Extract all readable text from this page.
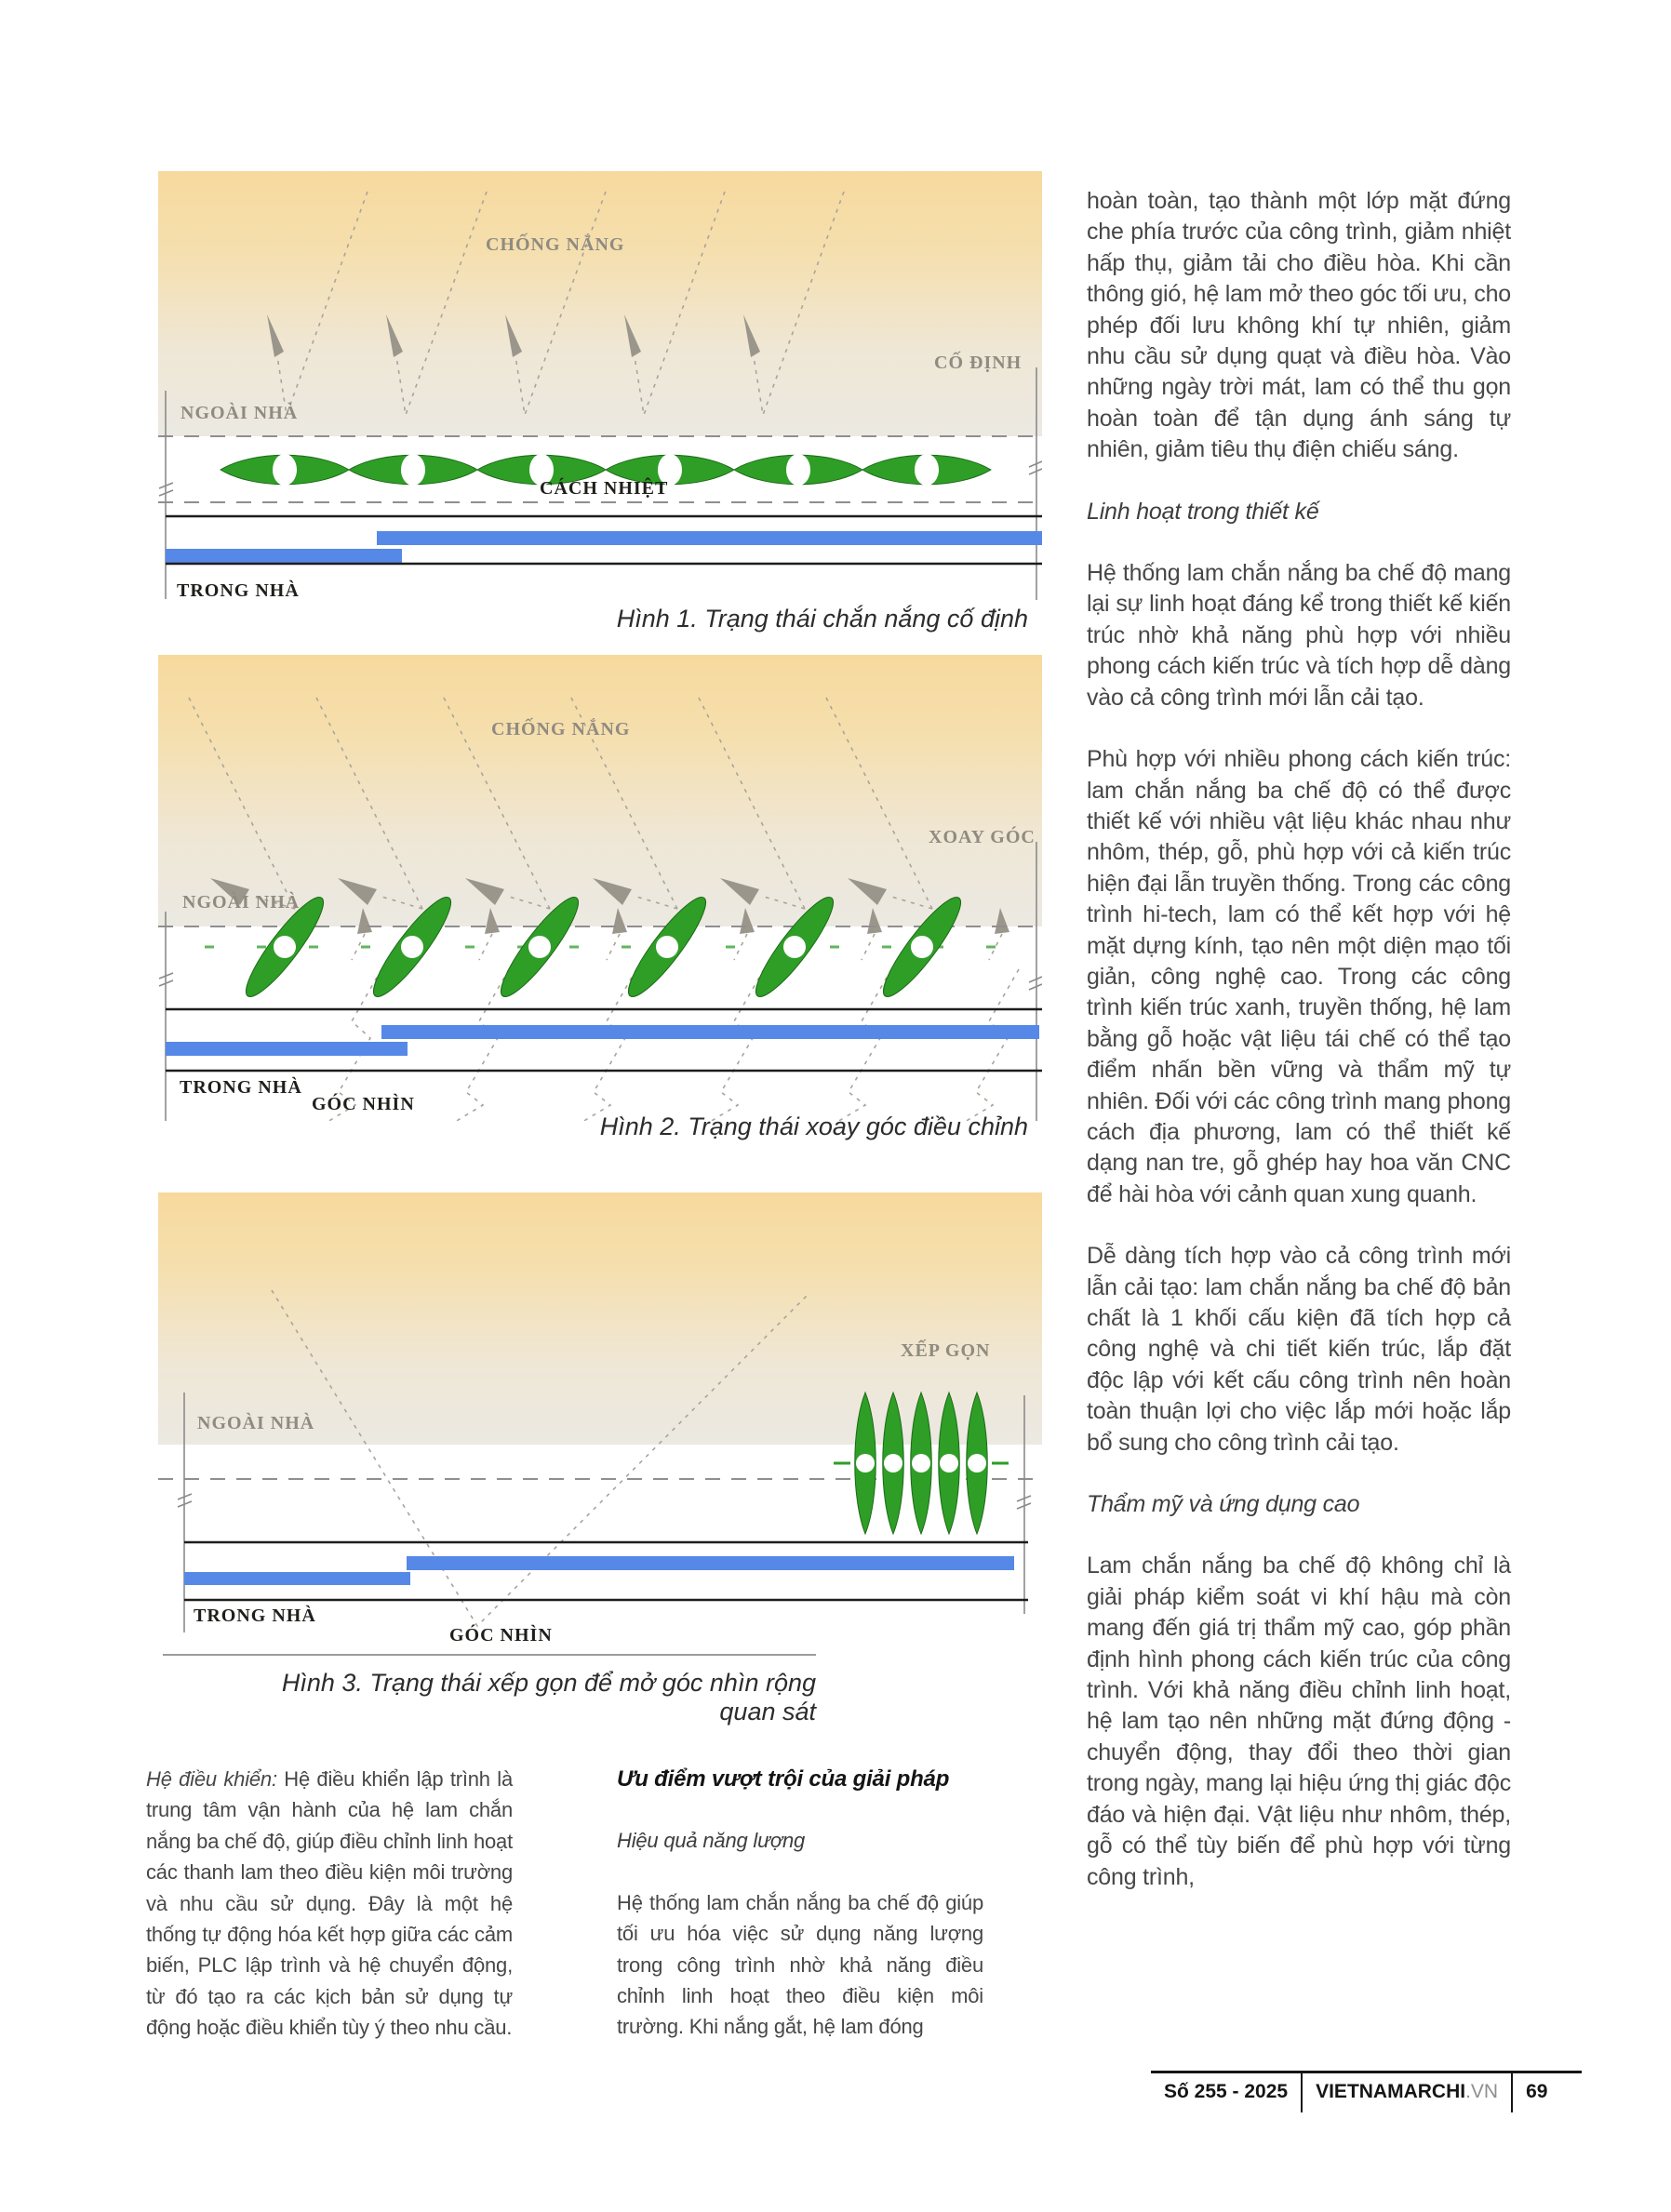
CHỐNG NẮNG
NGOÀI NHÀ
CỐ ĐỊNH
CÁCH NHIỆT
TRONG NHÀ
Hình 1. Trạng thái chắn nắng cố định
CHỐNG NẮNG
XOAY GÓC
NGOÀI NHÀ
TRONG NHÀ
GÓC NHÌN
Hình 2. Trạng thái xoay góc điều chỉnh
NGOÀI NHÀ
XẾP GỌN
TRONG NHÀ
GÓC NHÌN
Hình 3. Trạng thái xếp gọn để mở góc nhìn rộng quan sát

Hệ điều khiển: Hệ điều khiển lập trình là trung tâm vận hành của hệ lam chắn nắng ba chế độ, giúp điều chỉnh linh hoạt các thanh lam theo điều kiện môi trường và nhu cầu sử dụng. Đây là một hệ thống tự động hóa kết hợp giữa các cảm biến, PLC lập trình và hệ chuyển động, từ đó tạo ra các kịch bản sử dụng tự động hoặc điều khiển tùy ý theo nhu cầu.

Ưu điểm vượt trội của giải pháp

Hiệu quả năng lượng

Hệ thống lam chắn nắng ba chế độ giúp tối ưu hóa việc sử dụng năng lượng trong công trình nhờ khả năng điều chỉnh linh hoạt theo điều kiện môi trường. Khi nắng gắt, hệ lam đóng

hoàn toàn, tạo thành một lớp mặt đứng che phía trước của công trình, giảm nhiệt hấp thụ, giảm tải cho điều hòa. Khi cần thông gió, hệ lam mở theo góc tối ưu, cho phép đối lưu không khí tự nhiên, giảm nhu cầu sử dụng quạt và điều hòa. Vào những ngày trời mát, lam có thể thu gọn hoàn toàn để tận dụng ánh sáng tự nhiên, giảm tiêu thụ điện chiếu sáng.

Linh hoạt trong thiết kế

Hệ thống lam chắn nắng ba chế độ mang lại sự linh hoạt đáng kể trong thiết kế kiến trúc nhờ khả năng phù hợp với nhiều phong cách kiến trúc và tích hợp dễ dàng vào cả công trình mới lẫn cải tạo.

Phù hợp với nhiều phong cách kiến trúc: lam chắn nắng ba chế độ có thể được thiết kế với nhiều vật liệu khác nhau như nhôm, thép, gỗ, phù hợp với cả kiến trúc hiện đại lẫn truyền thống. Trong các công trình hi-tech, lam có thể kết hợp với hệ mặt dựng kính, tạo nên một diện mạo tối giản, công nghệ cao. Trong các công trình kiến trúc xanh, truyền thống, hệ lam bằng gỗ hoặc vật liệu tái chế có thể tạo điểm nhấn bền vững và thẩm mỹ tự nhiên. Đối với các công trình mang phong cách địa phương, lam có thể thiết kế dạng nan tre, gỗ ghép hay hoa văn CNC để hài hòa với cảnh quan xung quanh.

Dễ dàng tích hợp vào cả công trình mới lẫn cải tạo: lam chắn nắng ba chế độ bản chất là 1 khối cấu kiện đã tích hợp cả công nghệ và chi tiết kiến trúc, lắp đặt độc lập với kết cấu công trình nên hoàn toàn thuận lợi cho việc lắp mới hoặc lắp bổ sung cho công trình cải tạo.

Thẩm mỹ và ứng dụng cao

Lam chắn nắng ba chế độ không chỉ là giải pháp kiểm soát vi khí hậu mà còn mang đến giá trị thẩm mỹ cao, góp phần định hình phong cách kiến trúc của công trình. Với khả năng điều chỉnh linh hoạt, hệ lam tạo nên những mặt đứng động - chuyển động, thay đổi theo thời gian trong ngày, mang lại hiệu ứng thị giác độc đáo và hiện đại. Vật liệu như nhôm, thép, gỗ có thể tùy biến để phù hợp với từng công trình,

Số 255 - 2025	VIETNAMARCHI.VN	69
